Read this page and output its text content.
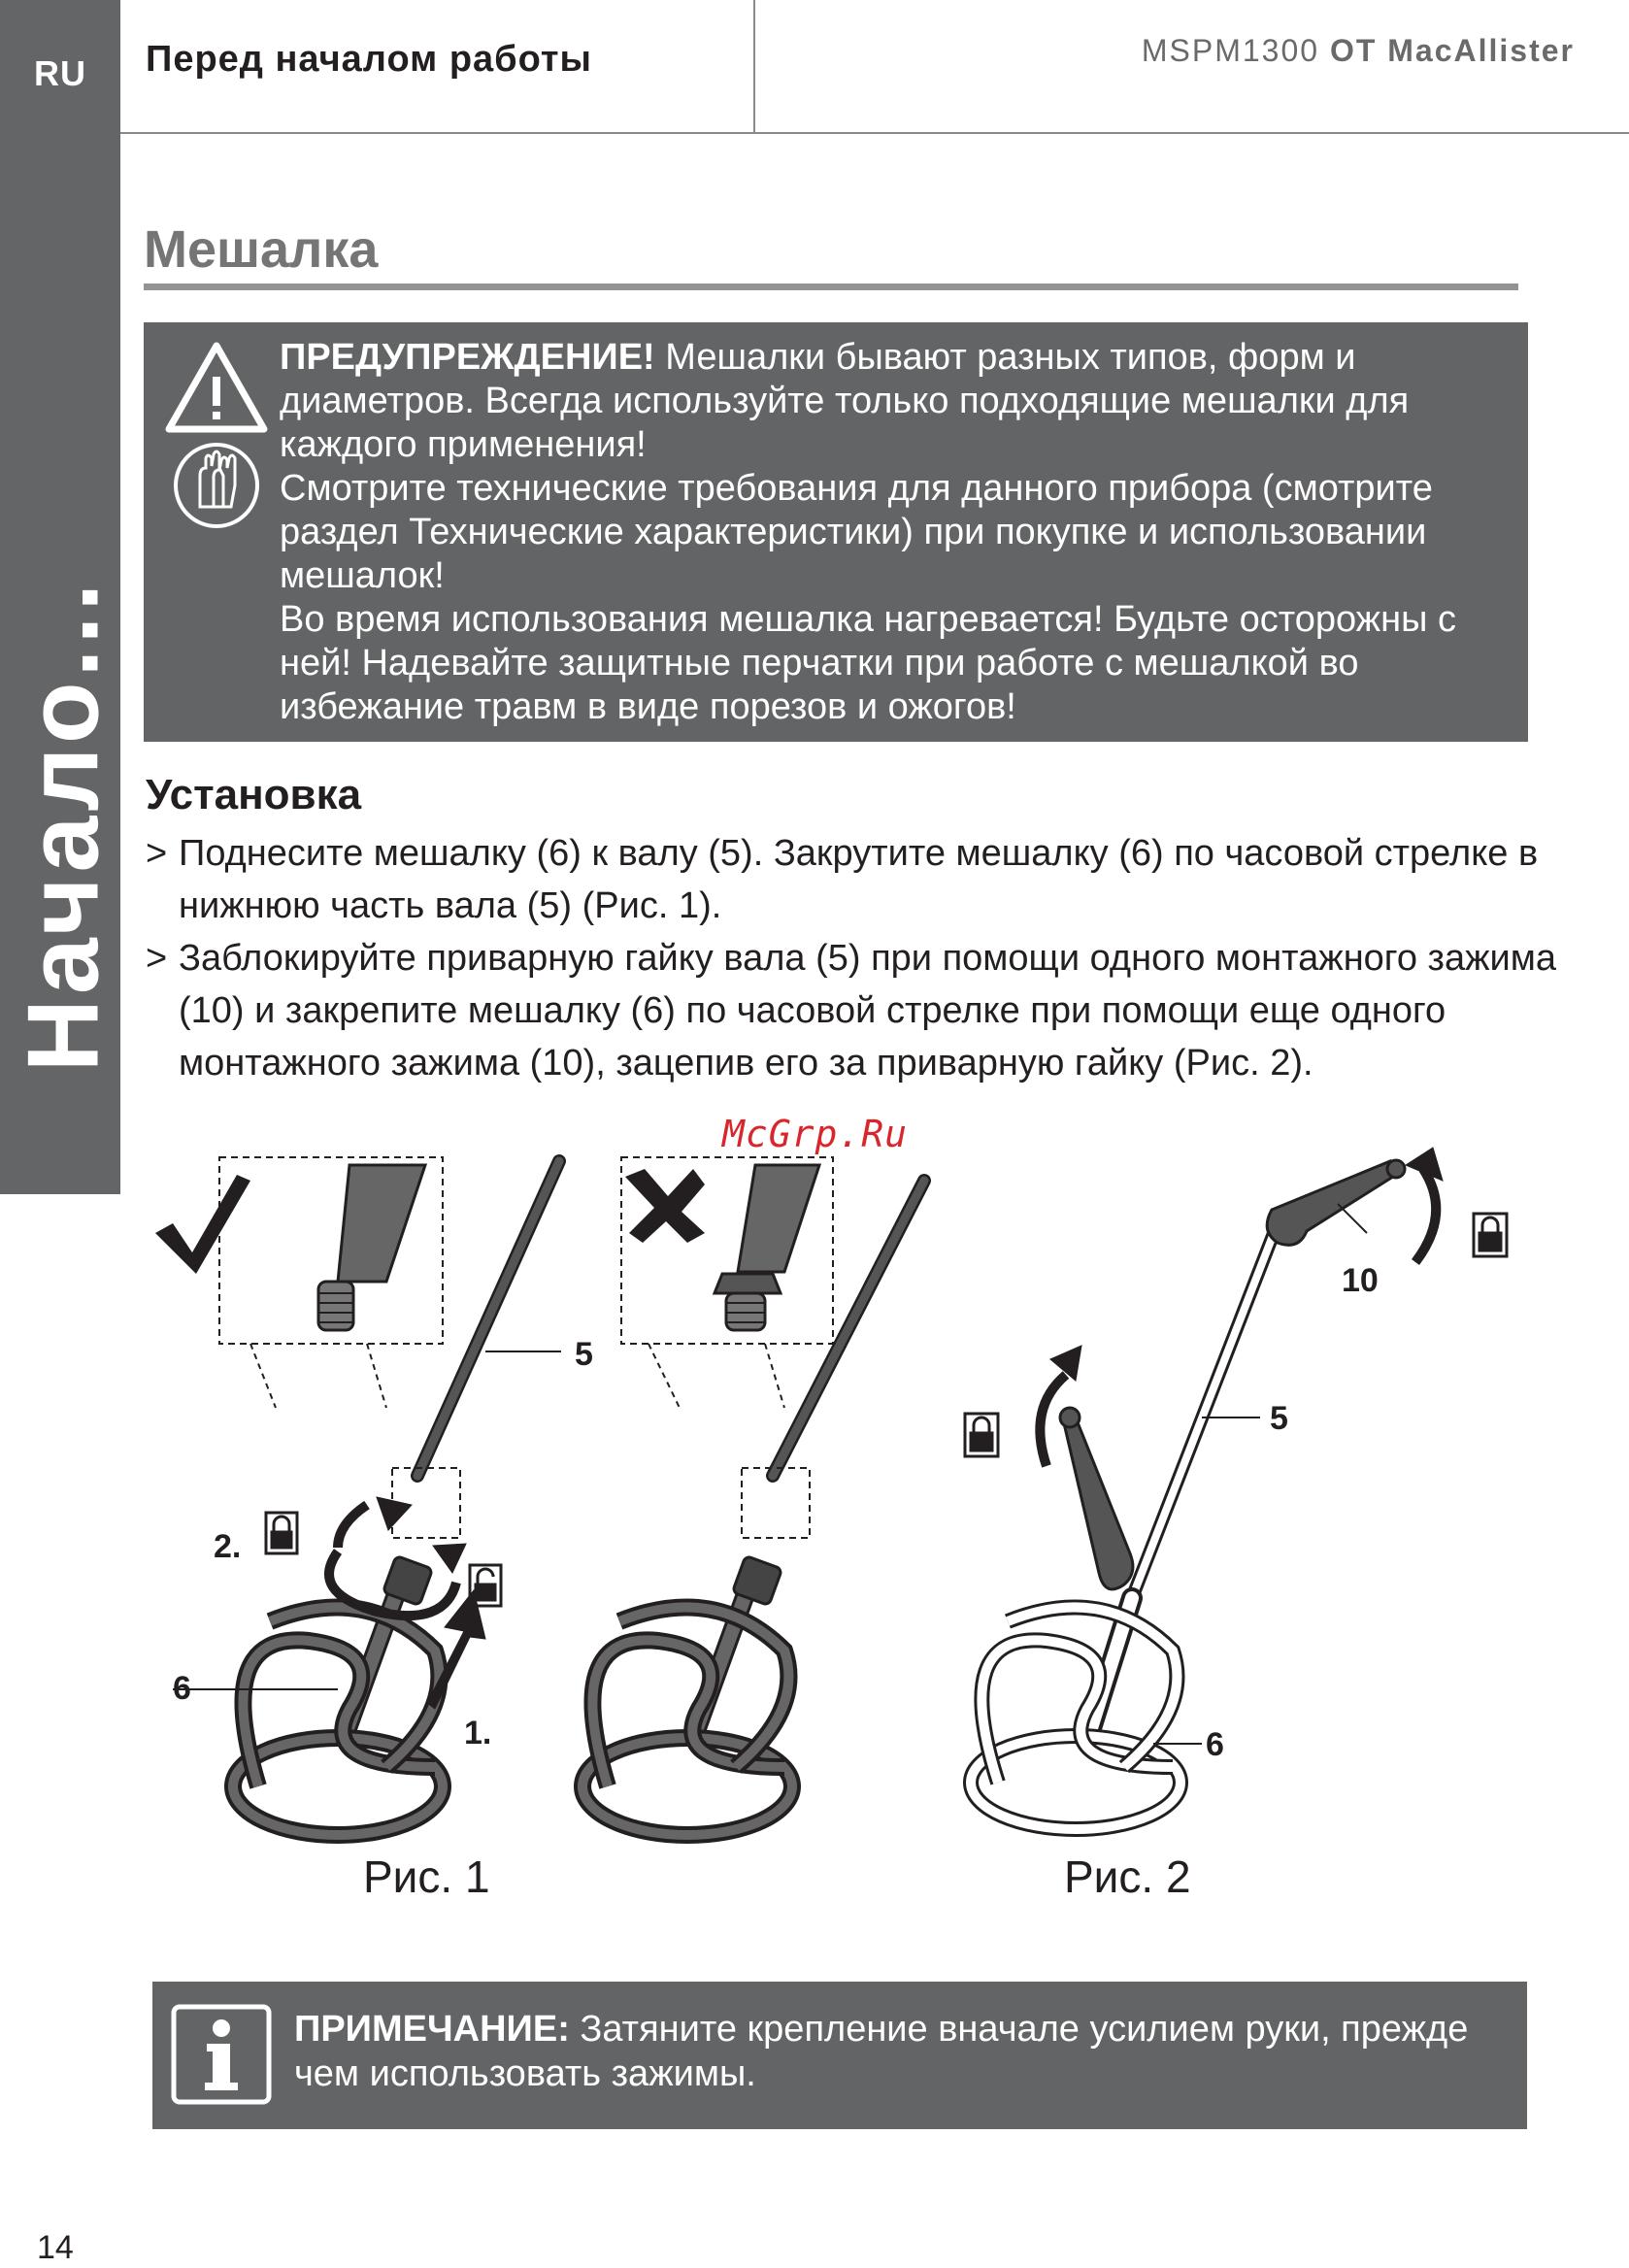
RU
Начало...
Перед началом работы	MSPM1300 OT MacAllister
Мешалка

ПРЕДУПРЕЖДЕНИЕ! Мешалки бывают разных типов, форм и диаметров. Всегда используйте только подходящие мешалки для каждого применения!

Смотрите технические требования для данного прибора (смотрите раздел Технические характеристики) при покупке и использовании мешалок!

Во время использования мешалка нагревается! Будьте осторожны с ней! Надевайте защитные перчатки при работе с мешалкой во избежание травм в виде порезов и ожогов!

Установка

> Поднесите мешалку (6) к валу (5). Закрутите мешалку (6) по часовой стрелке в нижнюю часть вала (5) (Рис. 1).

> Заблокируйте приварную гайку вала (5) при помощи одного монтажного зажима (10) и закрепите мешалку (6) по часовой стрелке при помощи еще одного монтажного зажима (10), зацепив его за приварную гайку (Рис. 2).

McGrp.Ru
5
6
2.
1.
5
10
6
Рис. 1	Рис. 2
ПРИМЕЧАНИЕ: Затяните крепление вначале усилием руки, прежде чем использовать зажимы.
14
